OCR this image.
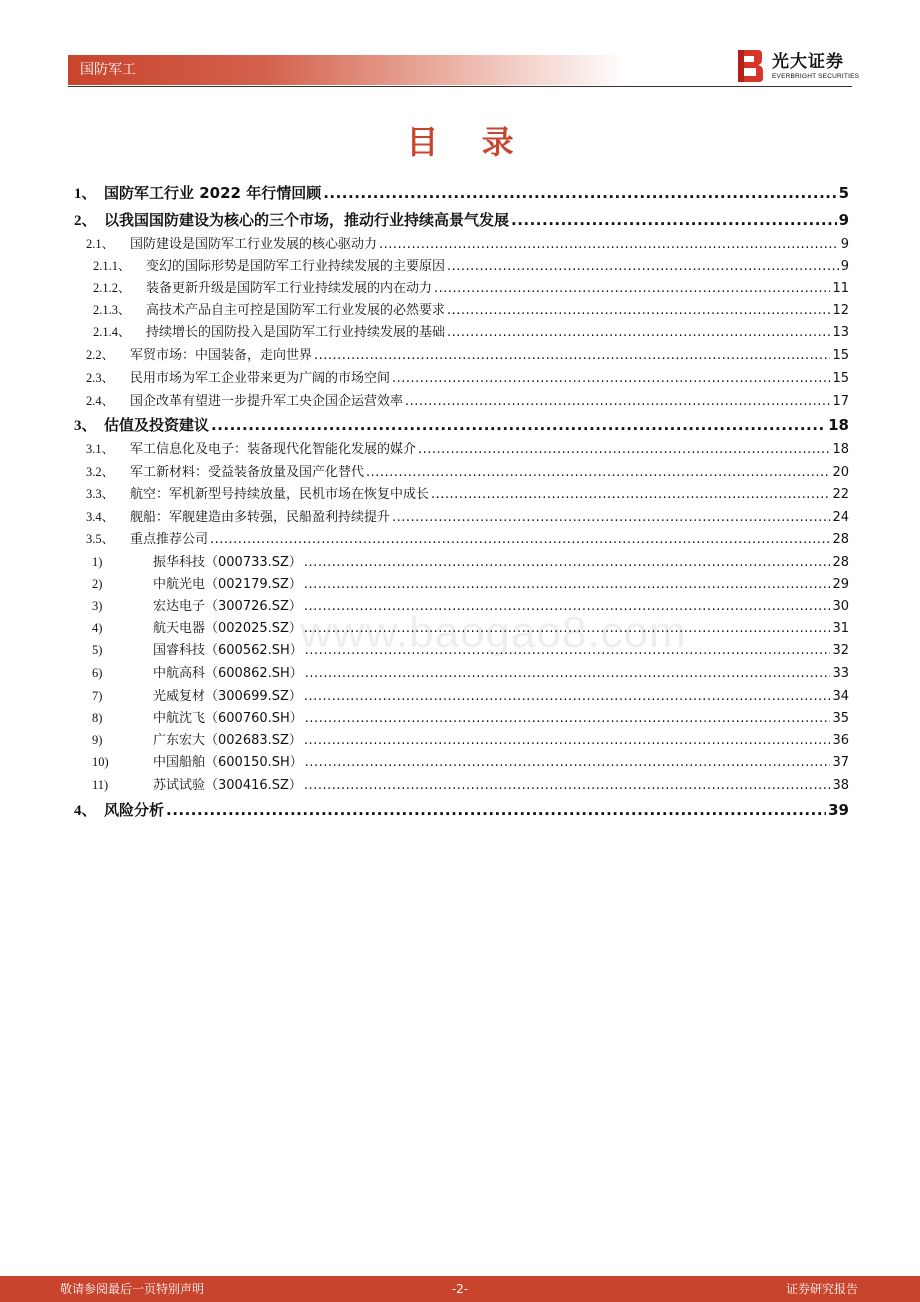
国防军工	光大证券
EVERBRIGHT SECURITIES
目 录
www.baogao8.com
1、 国防军工行业 2022 年行情回顾 .....	5
2、 以我国国防建设为核心的三个市场，推动行业持续高景气发展 .....	9
2.1、	国防建设是国防军工行业发展的核心驱动力 .....	9
2.1.1、	变幻的国际形势是国防军工行业持续发展的主要原因 .....	9
2.1.2、	装备更新升级是国防军工行业持续发展的内在动力 .....	11
2.1.3、	高技术产品自主可控是国防军工行业发展的必然要求 .....	12
2.1.4、	持续增长的国防投入是国防军工行业持续发展的基础 .....	13
2.2、	军贸市场：中国装备，走向世界 .....	15
2.3、	民用市场为军工企业带来更为广阔的市场空间 .....	15
2.4、	国企改革有望进一步提升军工央企国企运营效率 .....	17
3、 估值及投资建议 .....	18
3.1、	军工信息化及电子：装备现代化智能化发展的媒介 .....	18
3.2、	军工新材料：受益装备放量及国产化替代 .....	20
3.3、	航空：军机新型号持续放量，民机市场在恢复中成长 .....	22
3.4、	舰船：军舰建造由多转强，民船盈利持续提升 .....	24
3.5、	重点推荐公司 .....	28
1)	振华科技（000733.SZ） .....	28
2)	中航光电（002179.SZ） .....	29
3)	宏达电子（300726.SZ） .....	30
4)	航天电器（002025.SZ） .....	31
5)	国睿科技（600562.SH） .....	32
6)	中航高科（600862.SH） .....	33
7)	光威复材（300699.SZ） .....	34
8)	中航沈飞（600760.SH） .....	35
9)	广东宏大（002683.SZ） .....	36
10)	中国船舶（600150.SH） .....	37
11)	苏试试验（300416.SZ） .....	38
4、 风险分析 .....	39
敬请参阅最后一页特别声明	-2-	证券研究报告
